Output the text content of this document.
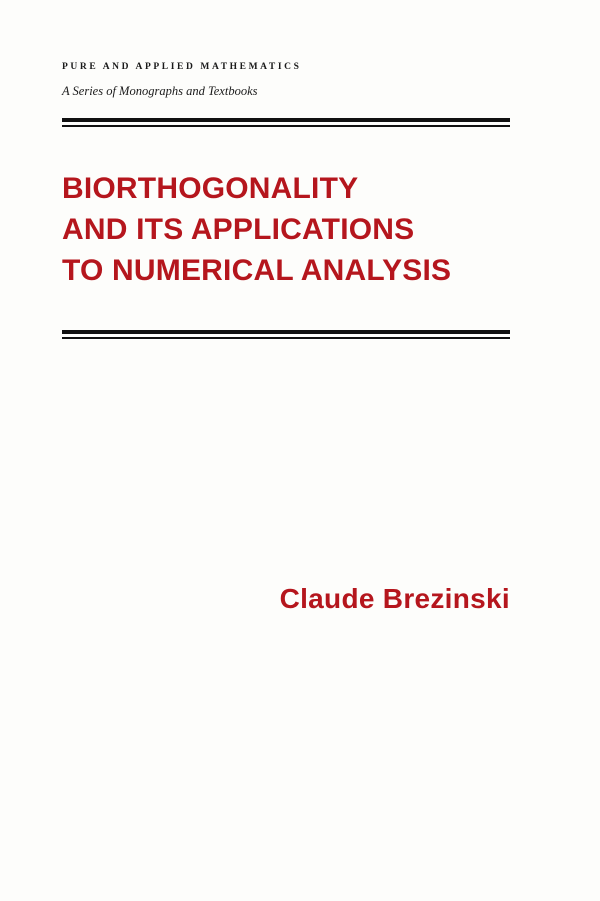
PURE AND APPLIED MATHEMATICS
A Series of Monographs and Textbooks
BIORTHOGONALITY
AND ITS APPLICATIONS
TO NUMERICAL ANALYSIS
Claude Brezinski
